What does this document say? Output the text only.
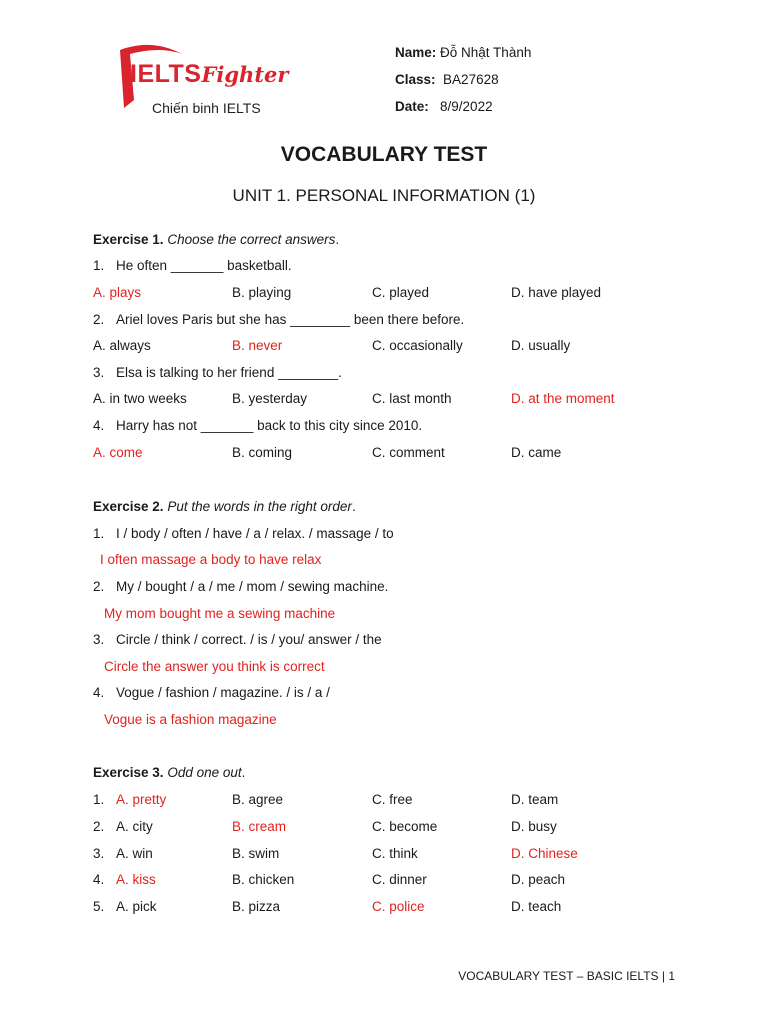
IELTSFighter
Chiến binh IELTS
Name: Đỗ Nhật Thành
Class: BA27628
Date: 8/9/2022
VOCABULARY TEST
UNIT 1. PERSONAL INFORMATION (1)
Exercise 1. Choose the correct answers.
1. He often _______ basketball.
A. plays	B. playing	C. played	D. have played
2. Ariel loves Paris but she has ________ been there before.
A. always	B. never	C. occasionally	D. usually
3. Elsa is talking to her friend ________.
A. in two weeks	B. yesterday	C. last month	D. at the moment
4. Harry has not _______ back to this city since 2010.
A. come	B. coming	C. comment	D. came
Exercise 2. Put the words in the right order.
1. I / body / often / have / a / relax. / massage / to
I often massage a body to have relax
2. My / bought / a / me / mom / sewing machine.
My mom bought me a sewing machine
3. Circle / think / correct. / is / you/ answer / the
Circle the answer you think is correct
4. Vogue / fashion / magazine. / is / a /
Vogue is a fashion magazine
Exercise 3. Odd one out.
1. A. pretty	B. agree	C. free	D. team
2. A. city	B. cream	C. become	D. busy
3. A. win	B. swim	C. think	D. Chinese
4. A. kiss	B. chicken	C. dinner	D. peach
5. A. pick	B. pizza	C. police	D. teach
VOCABULARY TEST – BASIC IELTS | 1
